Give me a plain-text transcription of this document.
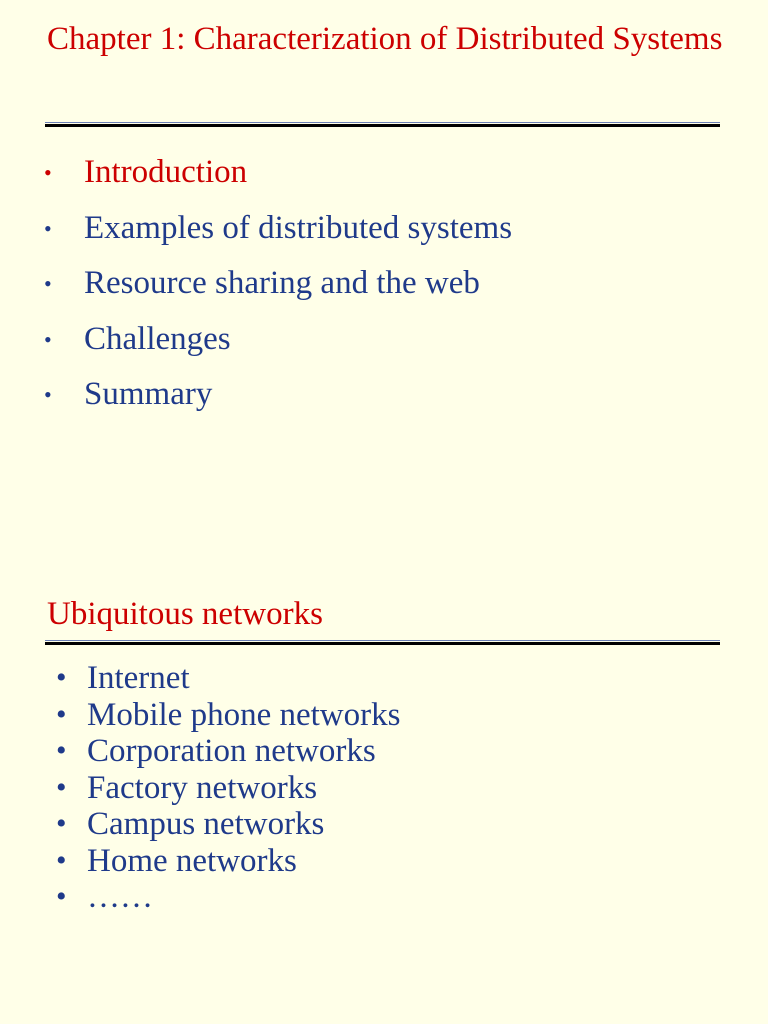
Chapter 1: Characterization of Distributed Systems
• Introduction
• Examples of distributed systems
• Resource sharing and the web
• Challenges
• Summary
Ubiquitous networks
• Internet
• Mobile phone networks
• Corporation networks
• Factory networks
• Campus networks
• Home networks
• ……
